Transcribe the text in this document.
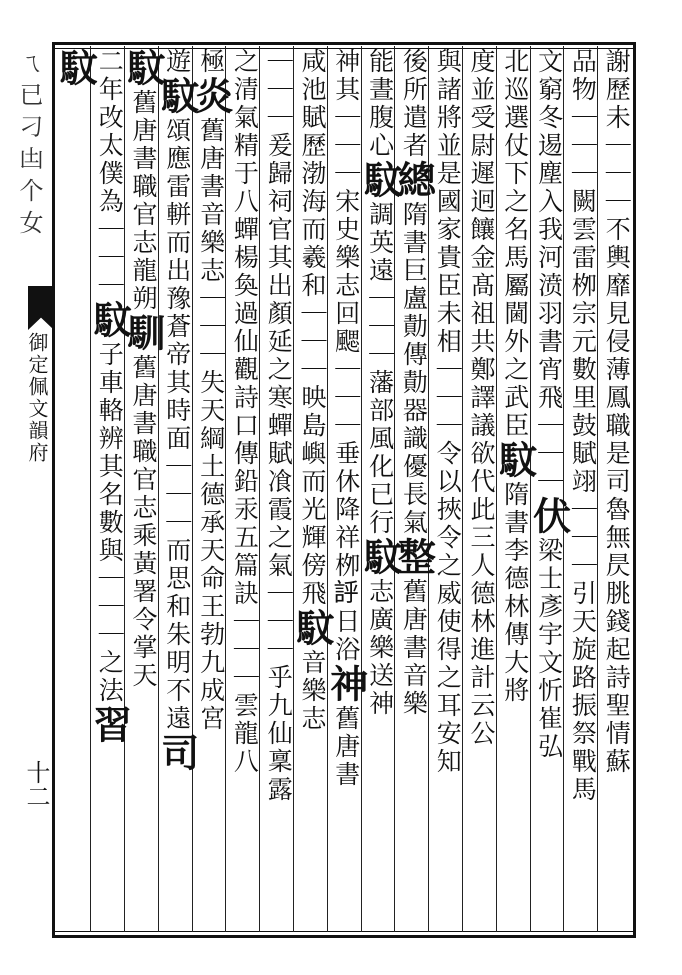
ㄟ已刁凷个女
御定佩文韻府
十二
謝歷未｜｜｜不輿靡見侵薄鳳職是司魯無昃朓錢起詩聖情蘇
品物｜｜｜闕雲雷栁宗元數里鼓賦翊｜｜｜引天旋路振祭戰馬
文窮冬逷塵入我河𣸣羽書宵飛｜｜｜伏梁士彥宇文忻崔弘
北巡選仗下之名馬屬閫外之武臣馼隋書李德林傳大將
度並受尉遲迥饟金髙祖共鄭譯議欲代此三人德林進計云公
與諸將並是國家貴臣未相｜｜｜令以挾令之威使得之耳安知
後所遣者總隋書巨盧勣傳勣器識優長氣整舊唐書音樂
能晝腹心馼調英遠｜｜｜藩部風化已行馼志廣樂送神
神其｜｜｜宋史樂志回颸｜｜｜垂休降祥栁𧦝日浴神舊唐書
咸池賦歷渤海而羲和｜｜｜映島嶼而光輝傍飛馼音樂志
｜｜｜爰歸祠官其出顏延之寒蟬賦飡霞之氣｜｜｜乎九仙稟露
之清氣精于八蟬楊奐過仙觀詩口傳鉛汞五篇訣｜｜｜雲龍八
極炎舊唐書音樂志｜｜｜失天綱土德承天命王勃九成宮
遊馼頌應雷軿而出豫蒼帝其時面｜｜｜而思和朱明不遠司
馼舊唐書職官志龍朔馴舊唐書職官志乘黃署令掌天
二年改太僕為｜｜｜馼子車輅辨其名數與｜｜｜之法習
馼
